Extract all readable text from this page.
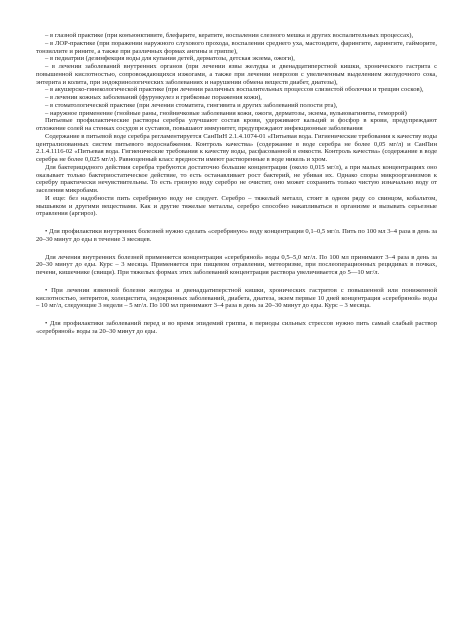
– в глазной практике (при конъюнктивите, блефарите, кератите, воспалении слезного мешка и других воспалительных процессах),

– в ЛОР-практике (при поражении наружного слухового прохода, воспалении среднего уха, мастоидите, фарингите, ларингите, гайморите, тонзиллите и рините, а также при различных формах ангины и гриппе),

– в педиатрии (дезинфекция воды для купания детей, дерматозы, детская экзема, ожоги),

– в лечении заболеваний внутренних органов (при лечении язвы желудка и двенадцатиперстной кишки, хронического гастрита с повышенной кислотностью, сопровождающихся изжогами, а также при лечении неврозов с увеличенным выделением желудочного сока, энтерита и колита, при эндокринологических заболеваниях и нарушении обмена веществ диабет, диатезы),

– в акушерско-гинекологической практике (при лечении различных воспалительных процессов слизистой оболочки и трещин сосков),

– в лечении кожных заболеваний (фурункулез и грибковые поражения кожи),

– в стоматологической практике (при лечении стоматита, гингивита и других заболеваний полости рта),

– наружное применение (гнойные раны, гнойничковые заболевания кожи, ожоги, дерматозы, экзема, вульвовагиниты, геморрой)

Питьевые профилактические растворы серебра улучшают состав крови, удерживают кальций и фосфор в крови, предупреждают отложение солей на стенках сосудов и суставов, повышают иммунитет, предупреждают инфекционные заболевания

Содержание в питьевой воде серебра регламентируется СанПиН 2.1.4.1074-01 «Питьевая вода. Гигиенические требования к качеству воды централизованных систем питьевого водоснабжения. Контроль качества» (содержание в воде серебра не более 0,05 мг/л) и СанПин 2.1.4.1116-02 «Питьевая вода. Гигиенические требования к качеству воды, расфасованной в емкости. Контроль качества» (содержание в воде серебра не более 0,025 мг/л). Равноценный класс вредности имеют растворенные в воде никель и хром.

Для бактерицидного действия серебра требуются достаточно большие концентрации (около 0,015 мг/л), а при малых концентрациях оно оказывает только бактериостатическое действие, то есть останавливает рост бактерий, не убивая их. Однако споры микроорганизмов к серебру практически нечувствительны. То есть грязную воду серебро не очистит, оно может сохранить только чистую изначально воду от заселения микробами.

И еще: без надобности пить серебряную воду не следует. Серебро – тяжелый металл, стоит в одном ряду со свинцом, кобальтом, мышьяком и другими веществами. Как и другие тяжелые металлы, серебро способно накапливаться в организме и вызывать серьезные отравления (аргироз).

• Для профилактики внутренних болезней нужно сделать «серебряную» воду концентрации 0,1–0,5 мг/л. Пить по 100 мл 3–4 раза в день за 20–30 минут до еды в течение 3 месяцев.

Для лечения внутренних болезней применяется концентрация «серебряной» воды 0,5–5,0 мг/л. По 100 мл принимают 3–4 раза в день за 20–30 минут до еды. Курс – 3 месяца. Применяется при пищевом отравлении, метеоризме, при послеоперационных рецидивах в почках, печени, кишечнике (свищи). При тяжелых формах этих заболеваний концентрация раствора увеличивается до 5—10 мг/л.

• При лечении язвенной болезни желудка и двенадцатиперстной кишки, хронических гастритов с повышенной или пониженной кислотностью, энтеритов, холецистита, эндокринных заболеваний, диабета, диатеза, экзем первые 10 дней концентрация «серебряной» воды – 10 мг/л, следующие 3 недели – 5 мг/л. По 100 мл принимают 3–4 раза в день за 20–30 минут до еды. Курс – 3 месяца.

• Для профилактики заболеваний перед и во время эпидемий гриппа, в периоды сильных стрессов нужно пить самый слабый раствор «серебряной» воды за 20–30 минут до еды.
